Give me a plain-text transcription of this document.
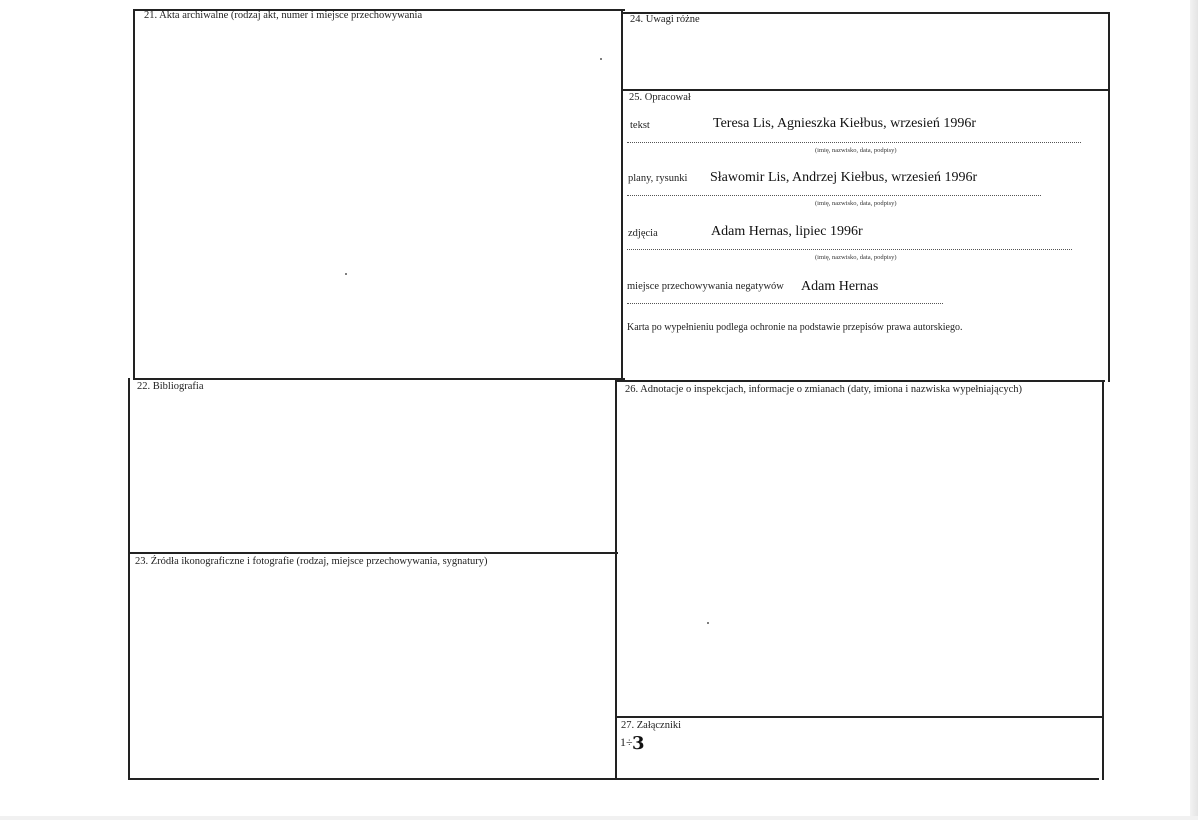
21. Akta archiwalne (rodzaj akt, numer i miejsce przechowywania
22. Bibliografia
23. Źródła ikonograficzne i fotografie (rodzaj, miejsce przechowywania, sygnatury)
24. Uwagi różne
25. Opracował
tekst	Teresa Lis, Agnieszka Kiełbus, wrzesień 1996r
(imię, nazwisko, data, podpisy)
plany, rysunki Sławomir Lis, Andrzej Kiełbus, wrzesień 1996r
(imię, nazwisko, data, podpisy)
zdjęcia	Adam Hernas, lipiec 1996r
(imię, nazwisko, data, podpisy)
miejsce przechowywania negatywów Adam Hernas
Karta po wypełnieniu podlega ochronie na podstawie przepisów prawa autorskiego.
26. Adnotacje o inspekcjach, informacje o zmianach (daty, imiona i nazwiska wypełniających)
27. Załączniki
1÷ 3
